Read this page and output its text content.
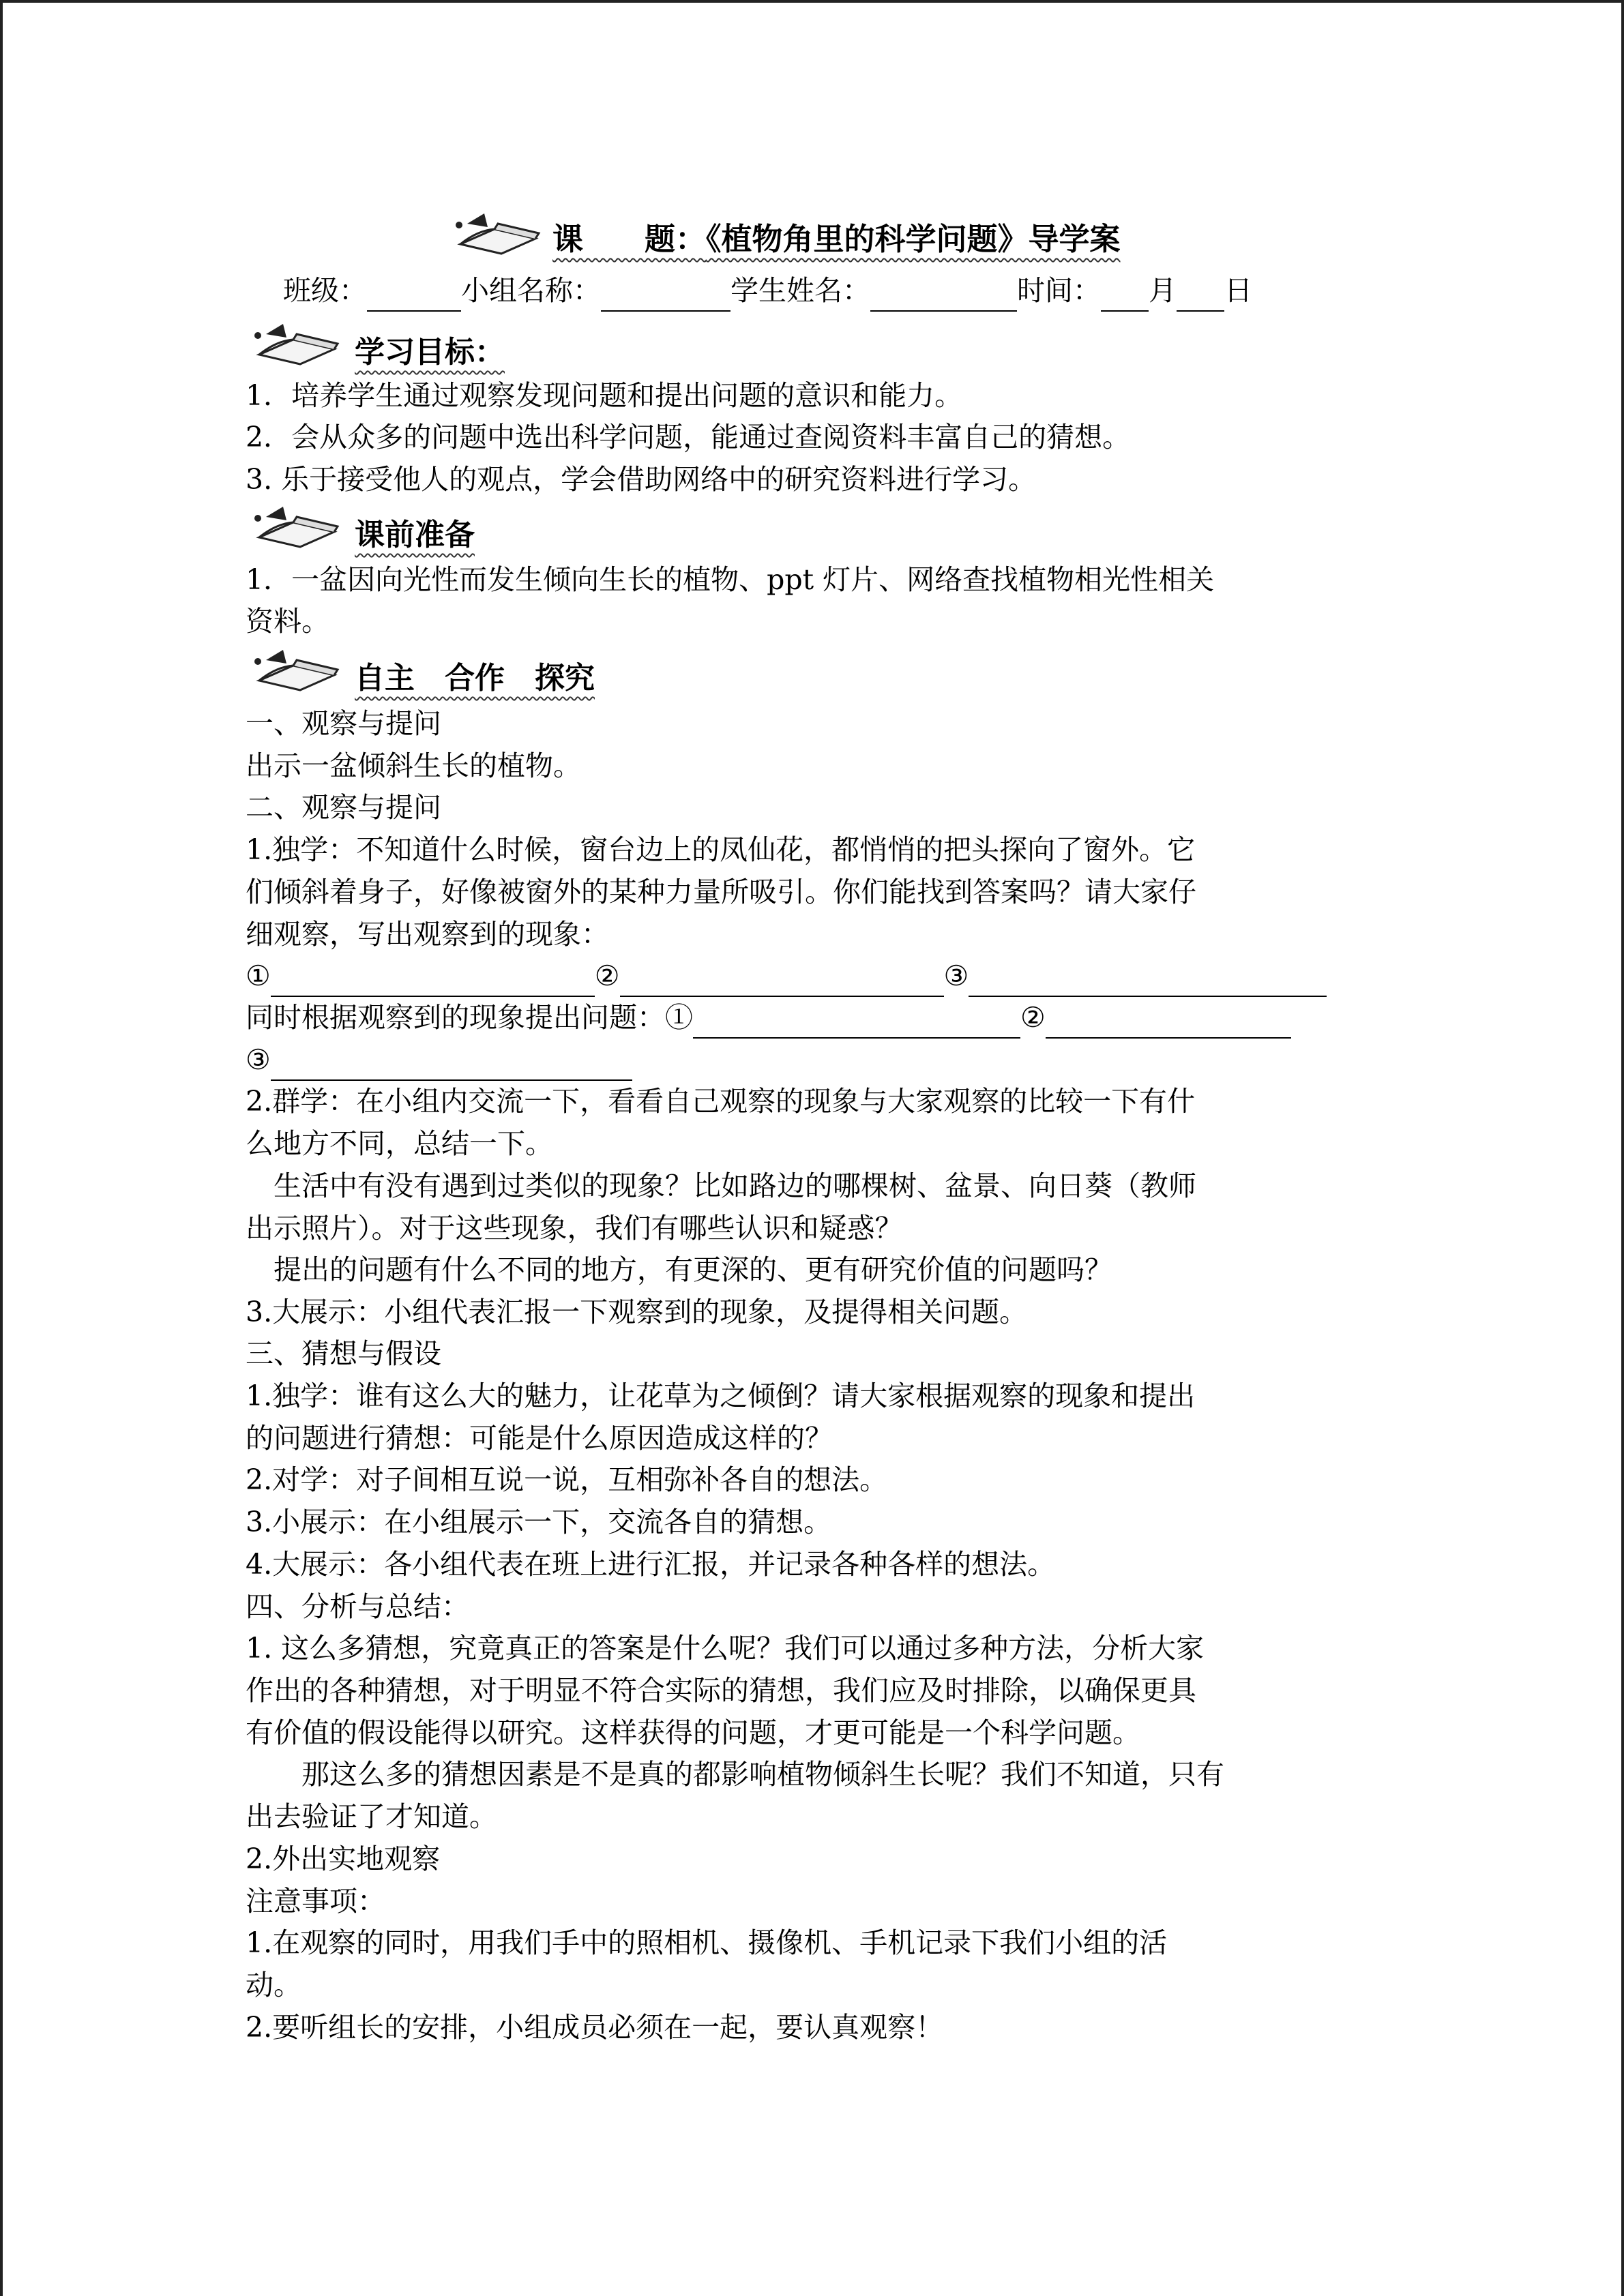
课　　题：《植物角里的科学问题》导学案
班级：	小组名称：	学生姓名：	时间： 月 日
学习目标：
1．培养学生通过观察发现问题和提出问题的意识和能力。
2．会从众多的问题中选出科学问题，能通过查阅资料丰富自己的猜想。
3. 乐于接受他人的观点，学会借助网络中的研究资料进行学习。
课前准备
1．一盆因向光性而发生倾向生长的植物、ppt 灯片、网络查找植物相光性相关
资料。
自主　合作　探究
一、观察与提问
出示一盆倾斜生长的植物。
二、观察与提问
1.独学：不知道什么时候，窗台边上的凤仙花，都悄悄的把头探向了窗外。它
们倾斜着身子，好像被窗外的某种力量所吸引。你们能找到答案吗？请大家仔
细观察，写出观察到的现象：
①	②	③
同时根据观察到的现象提出问题：①	②
③
2.群学：在小组内交流一下，看看自己观察的现象与大家观察的比较一下有什
么地方不同，总结一下。
　生活中有没有遇到过类似的现象？比如路边的哪棵树、盆景、向日葵（教师
出示照片）。对于这些现象，我们有哪些认识和疑惑？
　提出的问题有什么不同的地方，有更深的、更有研究价值的问题吗？
3.大展示：小组代表汇报一下观察到的现象，及提得相关问题。
三、猜想与假设
1.独学：谁有这么大的魅力，让花草为之倾倒？请大家根据观察的现象和提出
的问题进行猜想：可能是什么原因造成这样的？
2.对学：对子间相互说一说，互相弥补各自的想法。
3.小展示：在小组展示一下，交流各自的猜想。
4.大展示：各小组代表在班上进行汇报，并记录各种各样的想法。
四、分析与总结：
1. 这么多猜想，究竟真正的答案是什么呢？我们可以通过多种方法，分析大家
作出的各种猜想，对于明显不符合实际的猜想，我们应及时排除，以确保更具
有价值的假设能得以研究。这样获得的问题，才更可能是一个科学问题。
　　那这么多的猜想因素是不是真的都影响植物倾斜生长呢？我们不知道，只有
出去验证了才知道。
2.外出实地观察
注意事项：
1.在观察的同时，用我们手中的照相机、摄像机、手机记录下我们小组的活
动。
2.要听组长的安排，小组成员必须在一起，要认真观察！
